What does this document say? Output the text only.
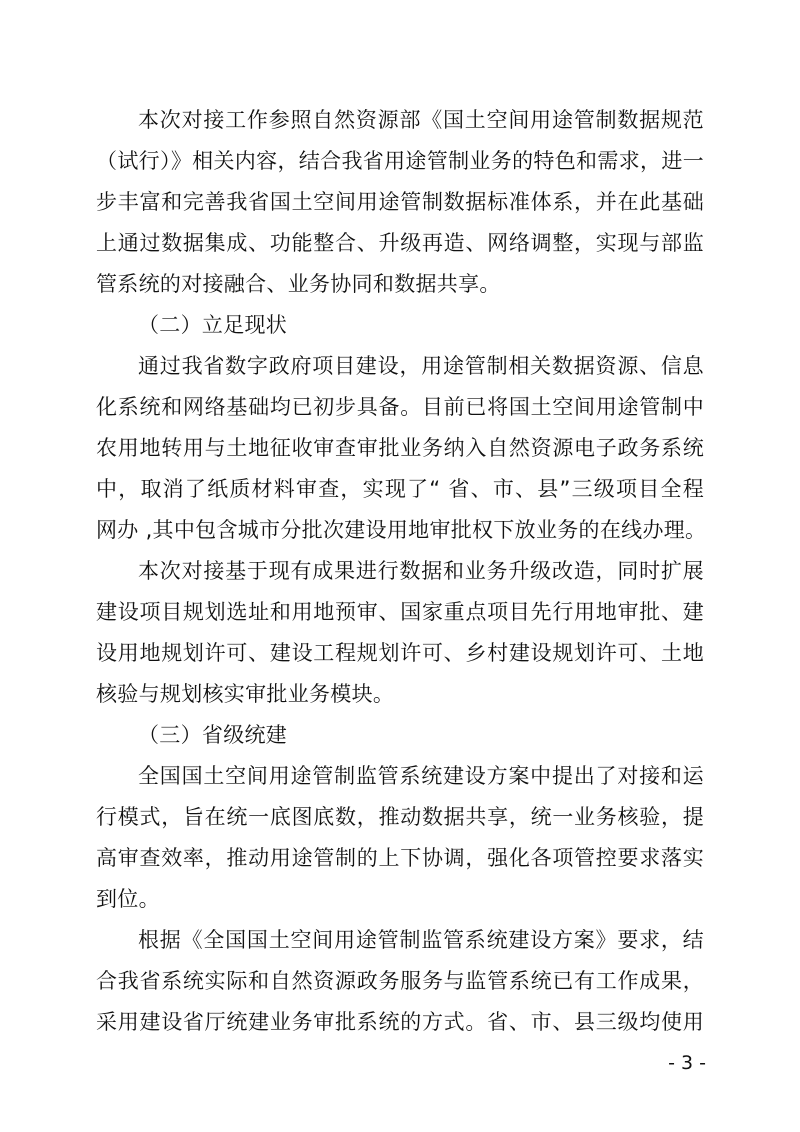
本次对接工作参照自然资源部《国土空间用途管制数据规范
（试行）》相关内容，结合我省用途管制业务的特色和需求，进一
步丰富和完善我省国土空间用途管制数据标准体系，并在此基础
上通过数据集成、功能整合、升级再造、网络调整，实现与部监
管系统的对接融合、业务协同和数据共享。
（二）立足现状
通过我省数字政府项目建设，用途管制相关数据资源、信息
化系统和网络基础均已初步具备。目前已将国土空间用途管制中
农用地转用与土地征收审查审批业务纳入自然资源电子政务系统
中，取消了纸质材料审查，实现了“ 省、市、县”三级项目全程
网办 ,其中包含城市分批次建设用地审批权下放业务的在线办理。
本次对接基于现有成果进行数据和业务升级改造，同时扩展
建设项目规划选址和用地预审、国家重点项目先行用地审批、建
设用地规划许可、建设工程规划许可、乡村建设规划许可、土地
核验与规划核实审批业务模块。
（三）省级统建
全国国土空间用途管制监管系统建设方案中提出了对接和运
行模式，旨在统一底图底数，推动数据共享，统一业务核验，提
高审查效率，推动用途管制的上下协调，强化各项管控要求落实
到位。
根据《全国国土空间用途管制监管系统建设方案》要求，结
合我省系统实际和自然资源政务服务与监管系统已有工作成果，
采用建设省厅统建业务审批系统的方式。省、市、县三级均使用
- 3 -
